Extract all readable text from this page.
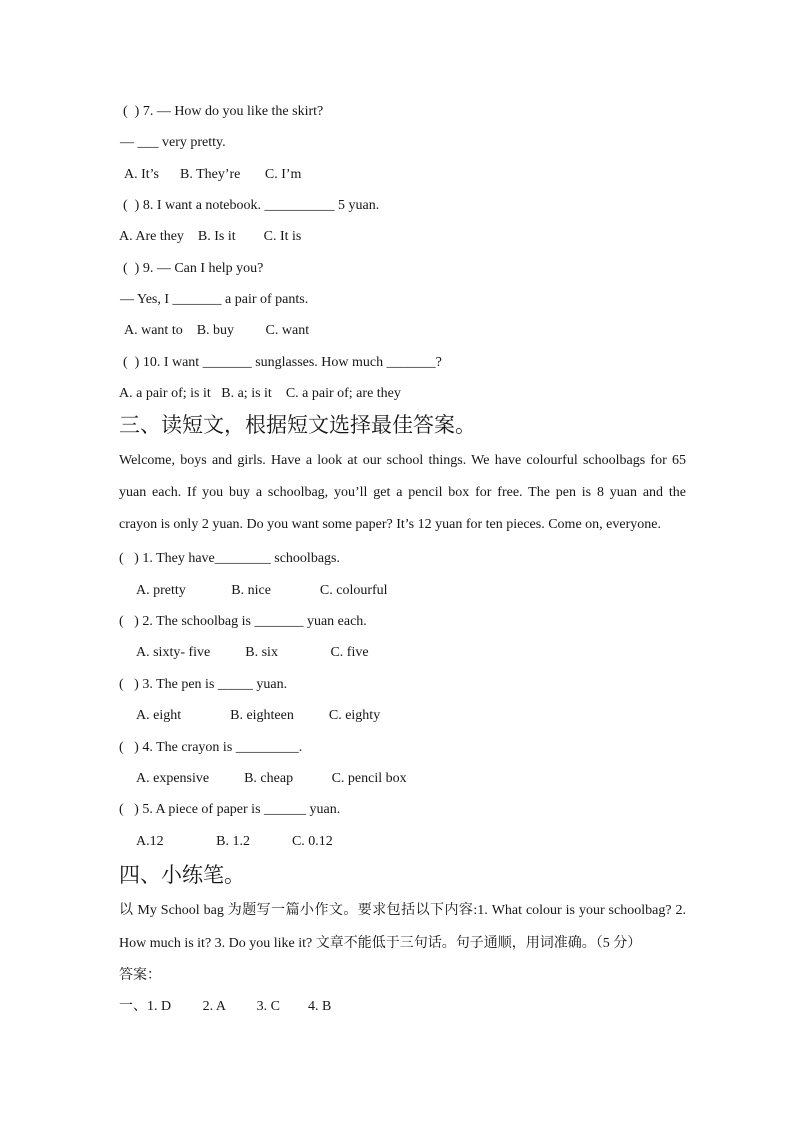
(  ) 7. — How do you like the skirt?
— ___ very pretty.
A. It’s      B. They’re       C. I’m
(  ) 8. I want a notebook. __________ 5 yuan.
A. Are they    B. Is it        C. It is
(  ) 9. — Can I help you?
— Yes, I _______ a pair of pants.
A. want to    B. buy         C. want
(  ) 10. I want _______ sunglasses. How much _______?
A. a pair of; is it   B. a; is it    C. a pair of; are they
三、读短文，根据短文选择最佳答案。
Welcome, boys and girls. Have a look at our school things. We have colourful schoolbags for 65
yuan each. If you buy a schoolbag, you’ll get a pencil box for free. The pen is 8 yuan and the
crayon is only 2 yuan. Do you want some paper? It’s 12 yuan for ten pieces. Come on, everyone.
(   ) 1. They have________ schoolbags.
A. pretty             B. nice              C. colourful
(   ) 2. The schoolbag is _______ yuan each.
A. sixty- five          B. six               C. five
(   ) 3. The pen is _____ yuan.
A. eight              B. eighteen          C. eighty
(   ) 4. The crayon is _________.
A. expensive          B. cheap           C. pencil box
(   ) 5. A piece of paper is ______ yuan.
A.12               B. 1.2            C. 0.12
四、小练笔。
以 My School bag 为题写一篇小作文。要求包括以下内容:1. What colour is your schoolbag? 2.
How much is it? 3. Do you like it? 文章不能低于三句话。句子通顺，用词准确。（5 分）
答案：
一、1. D         2. A         3. C        4. B
